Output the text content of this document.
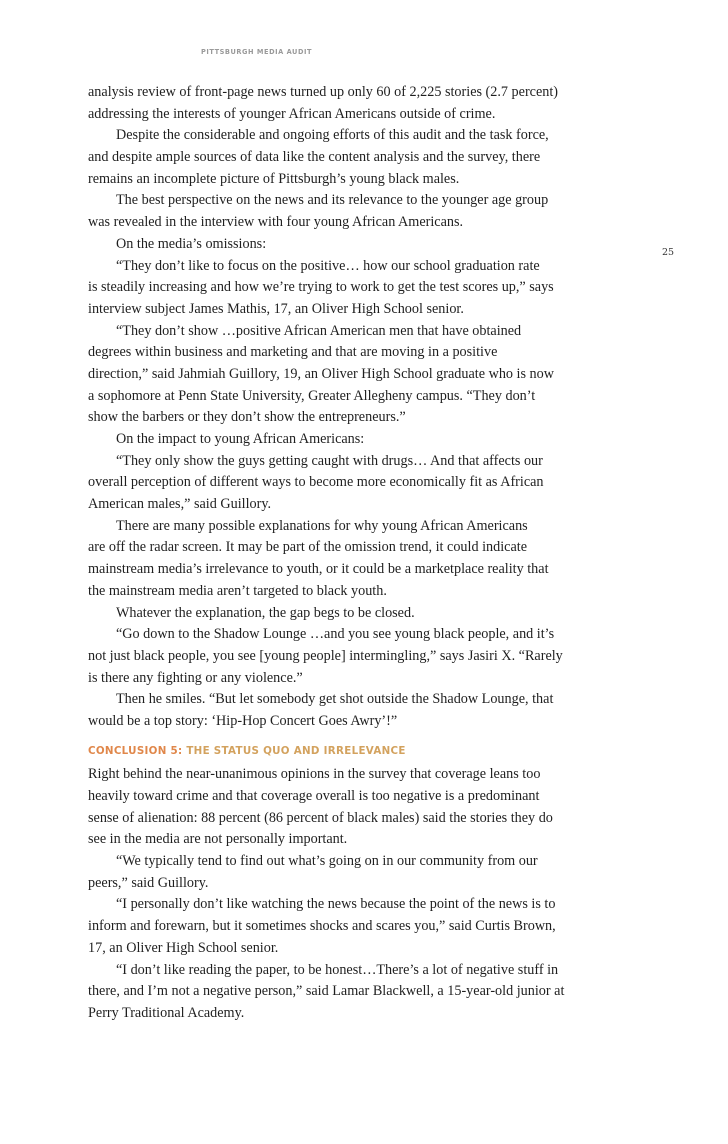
PITTSBURGH MEDIA AUDIT
25
analysis review of front-page news turned up only 60 of 2,225 stories (2.7 percent)
addressing the interests of younger African Americans outside of crime.
Despite the considerable and ongoing efforts of this audit and the task force,
and despite ample sources of data like the content analysis and the survey, there
remains an incomplete picture of Pittsburgh’s young black males.
The best perspective on the news and its relevance to the younger age group
was revealed in the interview with four young African Americans.
On the media’s omissions:
“They don’t like to focus on the positive… how our school graduation rate
is steadily increasing and how we’re trying to work to get the test scores up,” says
interview subject James Mathis, 17, an Oliver High School senior.
“They don’t show …positive African American men that have obtained
degrees within business and marketing and that are moving in a positive
direction,” said Jahmiah Guillory, 19, an Oliver High School graduate who is now
a sophomore at Penn State University, Greater Allegheny campus. “They don’t
show the barbers or they don’t show the entrepreneurs.”
On the impact to young African Americans:
“They only show the guys getting caught with drugs… And that affects our
overall perception of different ways to become more economically fit as African
American males,” said Guillory.
There are many possible explanations for why young African Americans
are off the radar screen. It may be part of the omission trend, it could indicate
mainstream media’s irrelevance to youth, or it could be a marketplace reality that
the mainstream media aren’t targeted to black youth.
Whatever the explanation, the gap begs to be closed.
“Go down to the Shadow Lounge …and you see young black people, and it’s
not just black people, you see [young people] intermingling,” says Jasiri X. “Rarely
is there any fighting or any violence.”
Then he smiles. “But let somebody get shot outside the Shadow Lounge, that
would be a top story: ‘Hip-Hop Concert Goes Awry’!”
CONCLUSION 5: THE STATUS QUO AND IRRELEVANCE
Right behind the near-unanimous opinions in the survey that coverage leans too
heavily toward crime and that coverage overall is too negative is a predominant
sense of alienation: 88 percent (86 percent of black males) said the stories they do
see in the media are not personally important.
“We typically tend to find out what’s going on in our community from our
peers,” said Guillory.
“I personally don’t like watching the news because the point of the news is to
inform and forewarn, but it sometimes shocks and scares you,” said Curtis Brown,
17, an Oliver High School senior.
“I don’t like reading the paper, to be honest…There’s a lot of negative stuff in
there, and I’m not a negative person,” said Lamar Blackwell, a 15-year-old junior at
Perry Traditional Academy.
